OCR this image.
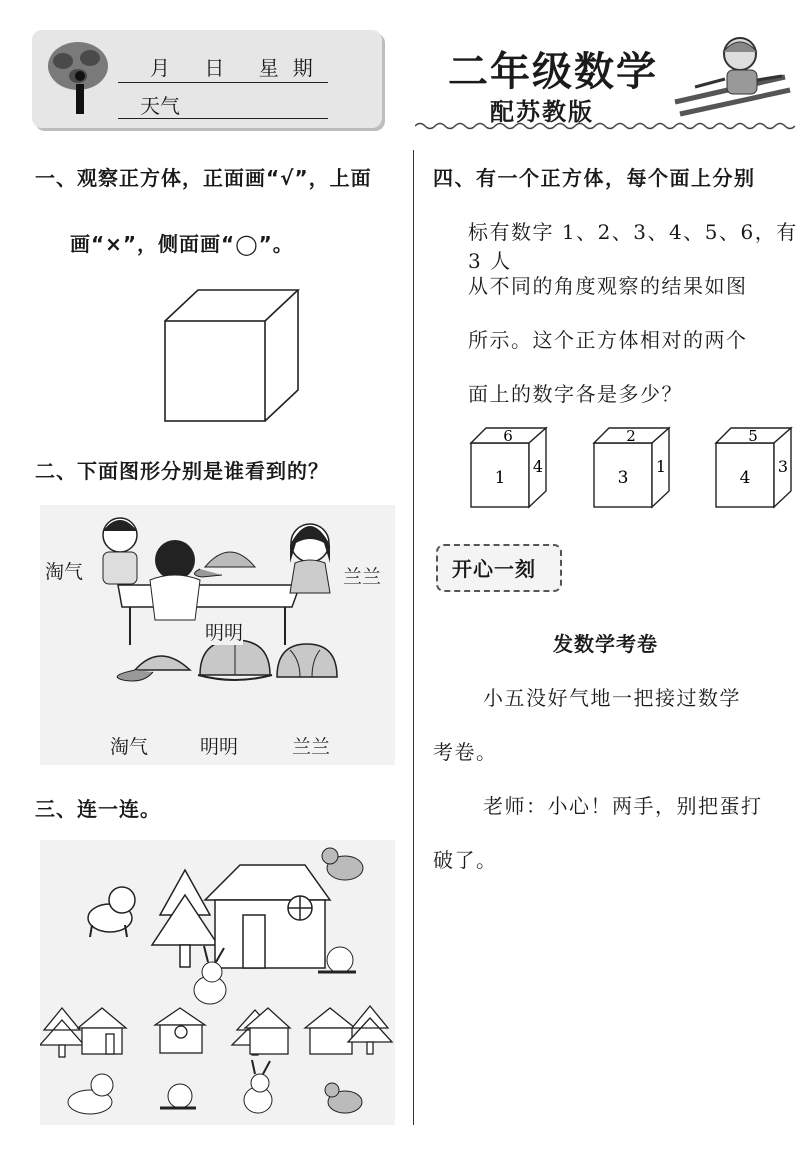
月 日 星期
天气
二年级数学
配苏教版
一、观察正方体，正面画“√”，上面
画“×”，侧面画“◯”。
二、下面图形分别是谁看到的？
淘气	兰兰
明明
淘气	明明	兰兰
三、连一连。
四、有一个正方体，每个面上分别
标有数字 1、2、3、4、5、6，有 3 人
从不同的角度观察的结果如图
所示。这个正方体相对的两个
面上的数字各是多少？
6
1
4
2
3
1
5
4
3
开心一刻
发数学考卷
小五没好气地一把接过数学
考卷。
老师：小心！两手，别把蛋打
破了。
